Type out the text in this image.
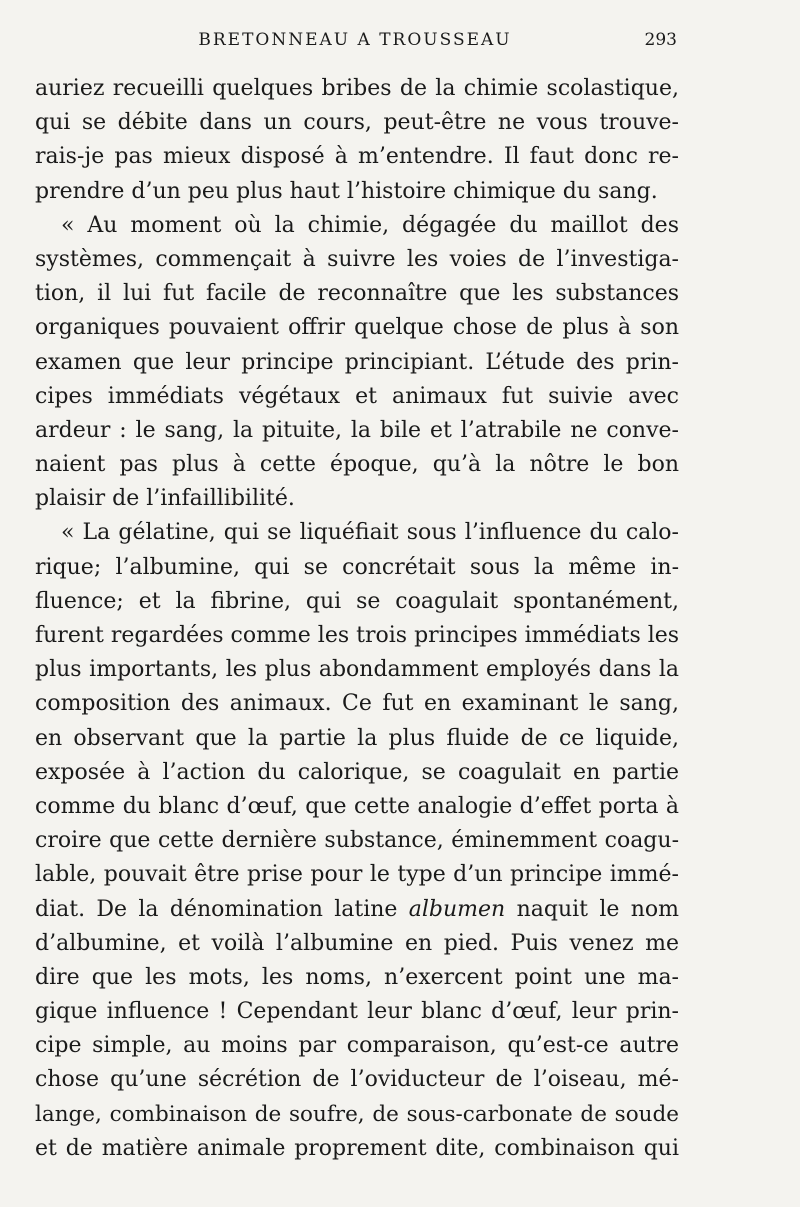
BRETONNEAU A TROUSSEAU	293
auriez recueilli quelques bribes de la chimie scolastique,
qui se débite dans un cours, peut-être ne vous trouve-
rais-je pas mieux disposé à m’entendre. Il faut donc re-
prendre d’un peu plus haut l’histoire chimique du sang.
« Au moment où la chimie, dégagée du maillot des
systèmes, commençait à suivre les voies de l’investiga-
tion, il lui fut facile de reconnaître que les substances
organiques pouvaient offrir quelque chose de plus à son
examen que leur principe principiant. L’étude des prin-
cipes immédiats végétaux et animaux fut suivie avec
ardeur : le sang, la pituite, la bile et l’atrabile ne conve-
naient pas plus à cette époque, qu’à la nôtre le bon
plaisir de l’infaillibilité.
« La gélatine, qui se liquéfiait sous l’influence du calo-
rique; l’albumine, qui se concrétait sous la même in-
fluence; et la fibrine, qui se coagulait spontanément,
furent regardées comme les trois principes immédiats les
plus importants, les plus abondamment employés dans la
composition des animaux. Ce fut en examinant le sang,
en observant que la partie la plus fluide de ce liquide,
exposée à l’action du calorique, se coagulait en partie
comme du blanc d’œuf, que cette analogie d’effet porta à
croire que cette dernière substance, éminemment coagu-
lable, pouvait être prise pour le type d’un principe immé-
diat. De la dénomination latine albumen naquit le nom
d’albumine, et voilà l’albumine en pied. Puis venez me
dire que les mots, les noms, n’exercent point une ma-
gique influence ! Cependant leur blanc d’œuf, leur prin-
cipe simple, au moins par comparaison, qu’est-ce autre
chose qu’une sécrétion de l’oviducteur de l’oiseau, mé-
lange, combinaison de soufre, de sous-carbonate de soude
et de matière animale proprement dite, combinaison qui
